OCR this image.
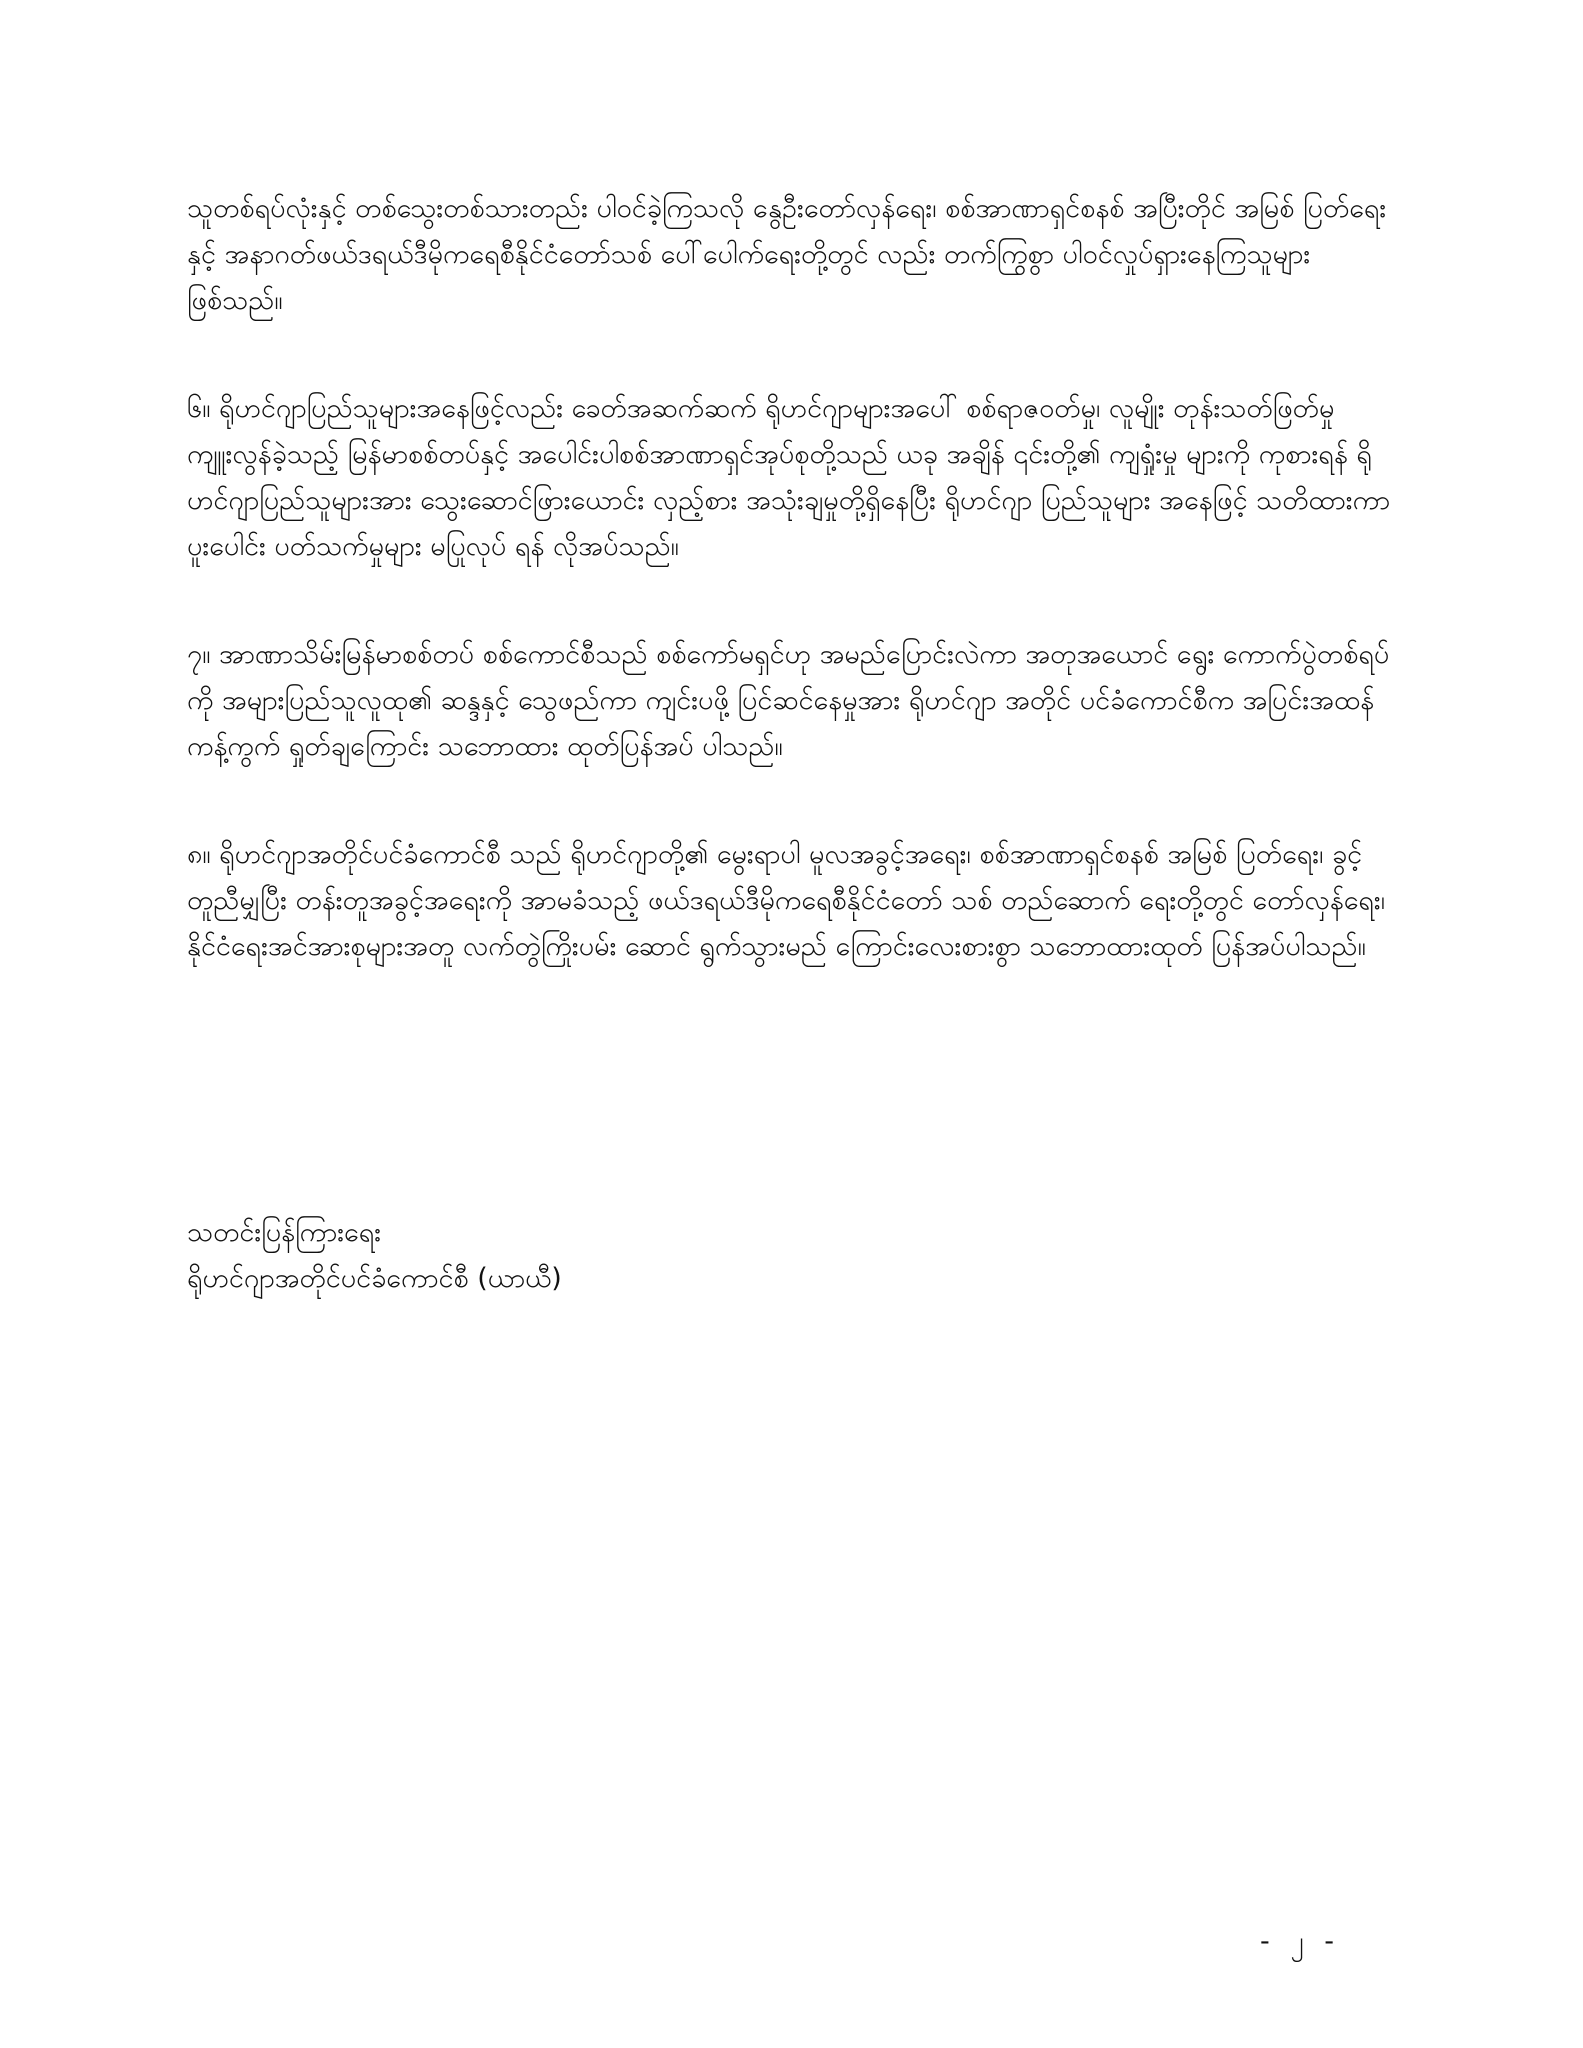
သူတစ်ရပ်လုံးနှင့် တစ်သွေးတစ်သားတည်း ပါဝင်ခဲ့ကြသလို နွေဦးတော်လှန်ရေး၊ စစ်အာဏာရှင်စနစ် အပြီးတိုင် အမြစ် ပြတ်ရေးနှင့် အနာဂတ်ဖယ်ဒရယ်ဒီမိုကရေစီနိုင်ငံတော်သစ် ပေါ်ပေါက်ရေးတို့တွင် လည်း တက်ကြွစွာ ပါဝင်လှုပ်ရှားနေကြသူများ ဖြစ်သည်။

၆။ ရိုဟင်ဂျာပြည်သူများအနေဖြင့်လည်း ခေတ်အဆက်ဆက် ရိုဟင်ဂျာများအပေါ် စစ်ရာဇဝတ်မှု၊ လူမျိုး တုန်းသတ်ဖြတ်မှု ကျူးလွန်ခဲ့သည့် မြန်မာစစ်တပ်နှင့် အပေါင်းပါစစ်အာဏာရှင်အုပ်စုတို့သည် ယခု အချိန် ၎င်းတို့၏ ကျရှုံးမှု များကို ကုစားရန် ရိုဟင်ဂျာပြည်သူများအား သွေးဆောင်ဖြားယောင်း လှည့်စား အသုံးချမှုတို့ရှိနေပြီး ရိုဟင်ဂျာ ပြည်သူများ အနေဖြင့် သတိထားကာ ပူးပေါင်း ပတ်သက်မှုများ မပြုလုပ် ရန် လိုအပ်သည်။

၇။ အာဏာသိမ်းမြန်မာစစ်တပ် စစ်ကောင်စီသည် စစ်ကော်မရှင်ဟု အမည်ပြောင်းလဲကာ အတုအယောင် ရွေး ကောက်ပွဲတစ်ရပ်ကို အများပြည်သူလူထု၏ ဆန္ဒနှင့် သွေဖည်ကာ ကျင်းပဖို့ ပြင်ဆင်နေမှုအား ရိုဟင်ဂျာ အတိုင် ပင်ခံကောင်စီက အပြင်းအထန် ကန့်ကွက် ရှုတ်ချကြောင်း သဘောထား ထုတ်ပြန်အပ် ပါသည်။

၈။ ရိုဟင်ဂျာအတိုင်ပင်ခံကောင်စီ သည် ရိုဟင်ဂျာတို့၏ မွေးရာပါ မူလအခွင့်အရေး၊ စစ်အာဏာရှင်စနစ် အမြစ် ပြတ်ရေး၊ ခွင့်တူညီမျှပြီး တန်းတူအခွင့်အရေးကို အာမခံသည့် ဖယ်ဒရယ်ဒီမိုကရေစီနိုင်ငံတော် သစ် တည်ဆောက် ရေးတို့တွင် တော်လှန်ရေး၊ နိုင်ငံရေးအင်အားစုများအတူ လက်တွဲကြိုးပမ်း ဆောင် ရွက်သွားမည် ကြောင်းလေးစားစွာ သဘောထားထုတ် ပြန်အပ်ပါသည်။

သတင်းပြန်ကြားရေး
ရိုဟင်ဂျာအတိုင်ပင်ခံကောင်စီ (ယာယီ)
- ၂ -
